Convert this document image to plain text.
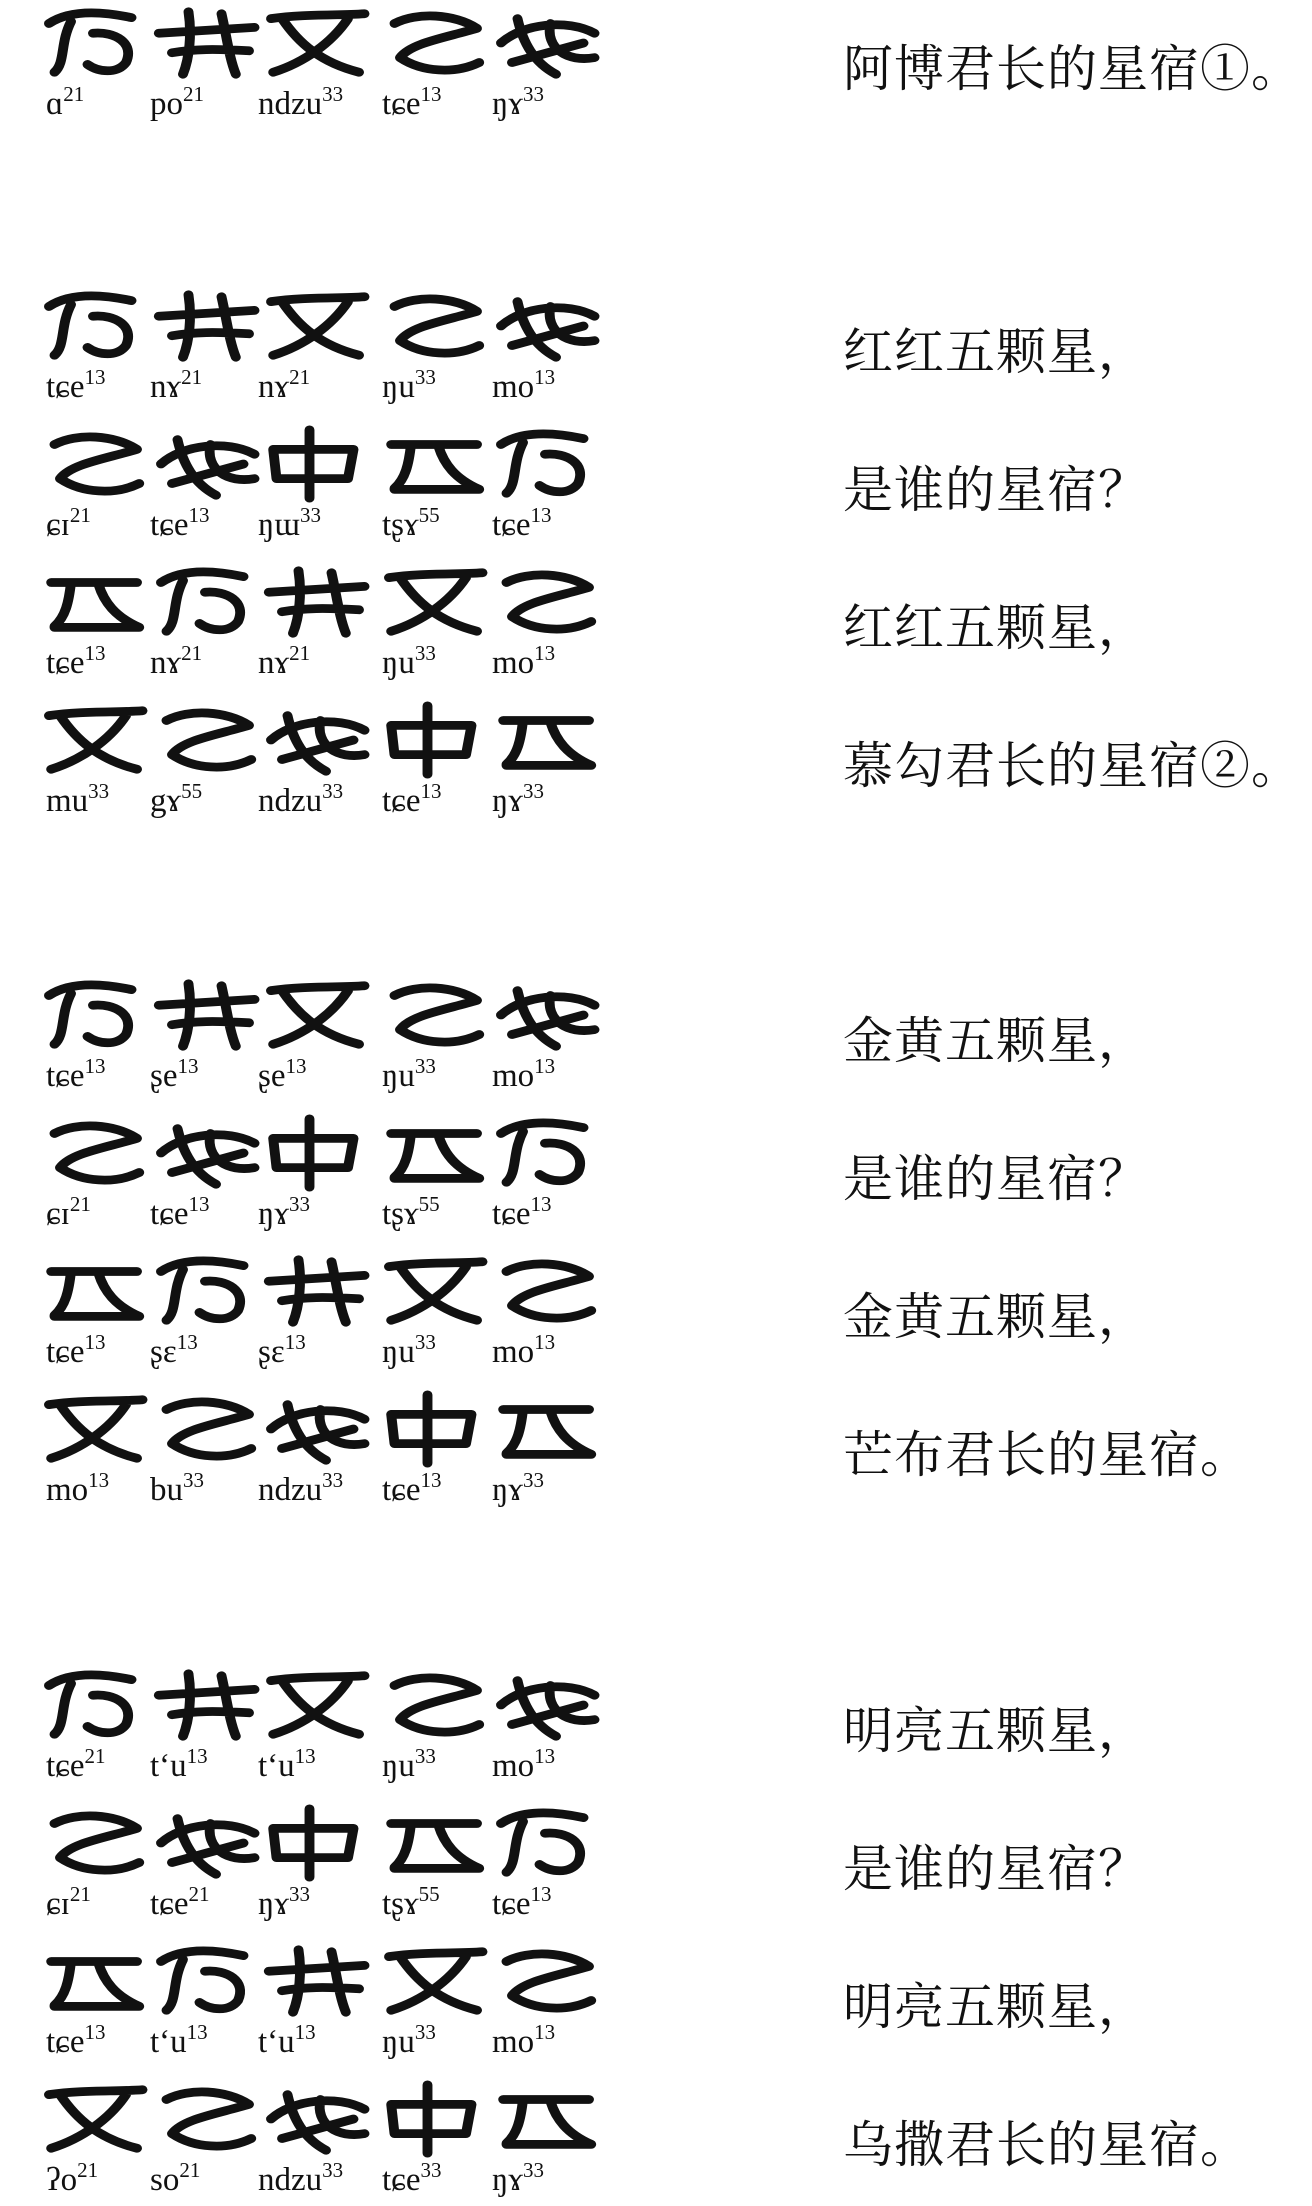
ɑ$^{21}$ $po^{21}$ ndzu$^{33}$ tɕe$^{13}$ ŋɤ$^{33}$	阿博君长的星宿①。
tɕe$^{13}$ nɤ$^{21}$ nɤ$^{21}$ $ŋu^{33}$ $mo^{13}$	红红五颗星，
ɕɪ$^{21}$ tɕe$^{13}$ ŋɯ$^{33}$ tʂɤ$^{55}$ tɕe$^{13}$	是谁的星宿？
tɕe$^{13}$ nɤ$^{21}$ nɤ$^{21}$ $ŋu^{33}$ $mo^{13}$	红红五颗星，
$mu^{33}$ gɤ$^{55}$ ndzu$^{33}$ tɕe$^{13}$ ŋɤ$^{33}$	慕勾君长的星宿②。
tɕe$^{13}$ ʂe$^{13}$ ʂe$^{13}$ $ŋu^{33}$ $mo^{13}$	金黄五颗星，
ɕɪ$^{21}$ tɕe$^{13}$ ŋɤ$^{33}$ tʂɤ$^{55}$ tɕe$^{13}$	是谁的星宿？
tɕe$^{13}$ ʂɛ$^{13}$ ʂɛ$^{13}$ $ŋu^{33}$ $mo^{13}$	金黄五颗星，
$mo^{13}$ $bu^{33}$ ndzu$^{33}$ tɕe$^{13}$ ŋɤ$^{33}$	芒布君长的星宿。
tɕe$^{21}$ tʻu$^{13}$ tʻu$^{13}$ $ŋu^{33}$ $mo^{13}$	明亮五颗星，
ɕɪ$^{21}$ tɕe$^{21}$ ŋɤ$^{33}$ tʂɤ$^{55}$ tɕe$^{13}$	是谁的星宿？
tɕe$^{13}$ tʻu$^{13}$ tʻu$^{13}$ $ŋu^{33}$ $mo^{13}$	明亮五颗星，
ʔo$^{21}$ $so^{21}$ ndzu$^{33}$ tɕe$^{33}$ ŋɤ$^{33}$	乌撒君长的星宿。
